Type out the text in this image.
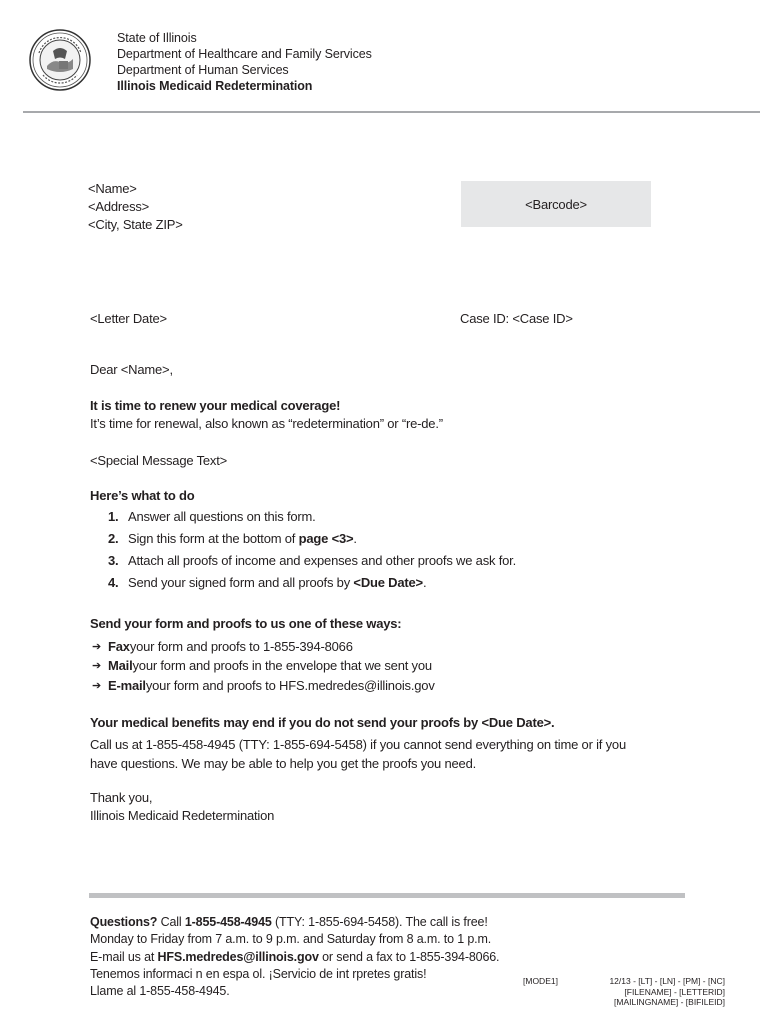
State of Illinois
Department of Healthcare and Family Services
Department of Human Services
Illinois Medicaid Redetermination
<Name>
<Address>
<City, State ZIP>
<Barcode>
<Letter Date>	Case ID: <Case ID>
Dear <Name>,
It is time to renew your medical coverage!
It’s time for renewal, also known as “redetermination” or “re-de.”
<Special Message Text>
Here’s what to do
1. Answer all questions on this form.
2. Sign this form at the bottom of page <3>.
3. Attach all proofs of income and expenses and other proofs we ask for.
4. Send your signed form and all proofs by <Due Date>.
Send your form and proofs to us one of these ways:
➔ Fax your form and proofs to 1-855-394-8066
➔ Mail your form and proofs in the envelope that we sent you
➔ E-mail your form and proofs to HFS.medredes@illinois.gov
Your medical benefits may end if you do not send your proofs by <Due Date>.
Call us at 1-855-458-4945 (TTY: 1-855-694-5458) if you cannot send everything on time or if you have questions. We may be able to help you get the proofs you need.
Thank you,
Illinois Medicaid Redetermination
Questions? Call 1-855-458-4945 (TTY: 1-855-694-5458). The call is free!
Monday to Friday from 7 a.m. to 9 p.m. and Saturday from 8 a.m. to 1 p.m.
E-mail us at HFS.medredes@illinois.gov or send a fax to 1-855-394-8066.
Tenemos informaci n en espa ol. ¡Servicio de int rpretes gratis!
Llame al 1-855-458-4945.
[MODE1]	12/13 - [LT] - [LN] - [PM] - [NC]
[FILENAME] - [LETTERID]
[MAILINGNAME] - [BIFILEID]
